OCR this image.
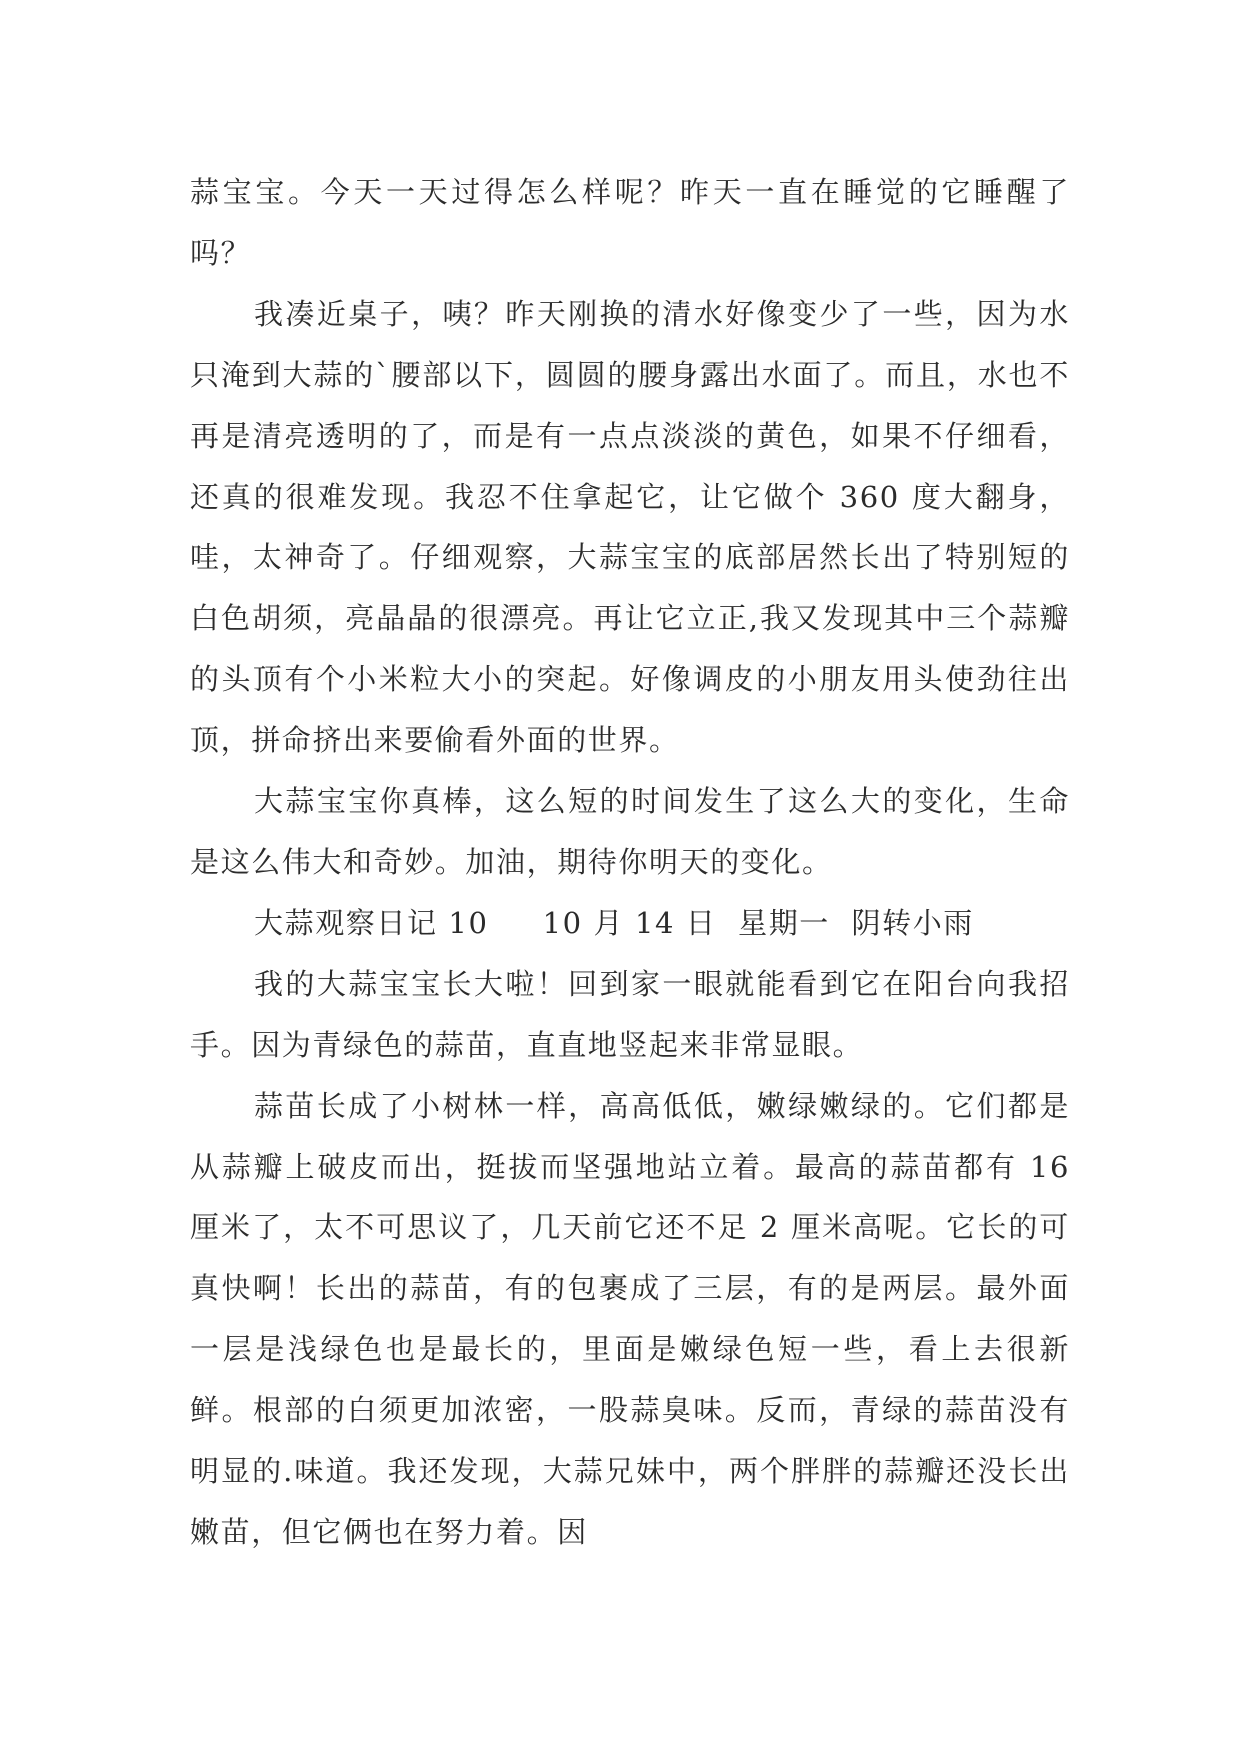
蒜宝宝。今天一天过得怎么样呢？昨天一直在睡觉的它睡醒了吗？

我凑近桌子，咦？昨天刚换的清水好像变少了一些，因为水只淹到大蒜的`腰部以下，圆圆的腰身露出水面了。而且，水也不再是清亮透明的了，而是有一点点淡淡的黄色，如果不仔细看，还真的很难发现。我忍不住拿起它，让它做个 360 度大翻身，哇，太神奇了。仔细观察，大蒜宝宝的底部居然长出了特别短的白色胡须，亮晶晶的很漂亮。再让它立正,我又发现其中三个蒜瓣的头顶有个小米粒大小的突起。好像调皮的小朋友用头使劲往出顶，拼命挤出来要偷看外面的世界。

大蒜宝宝你真棒，这么短的时间发生了这么大的变化，生命是这么伟大和奇妙。加油，期待你明天的变化。

大蒜观察日记 10     10 月 14 日  星期一  阴转小雨

我的大蒜宝宝长大啦！回到家一眼就能看到它在阳台向我招手。因为青绿色的蒜苗，直直地竖起来非常显眼。

蒜苗长成了小树林一样，高高低低，嫩绿嫩绿的。它们都是从蒜瓣上破皮而出，挺拔而坚强地站立着。最高的蒜苗都有 16 厘米了，太不可思议了，几天前它还不足 2 厘米高呢。它长的可真快啊！长出的蒜苗，有的包裹成了三层，有的是两层。最外面一层是浅绿色也是最长的，里面是嫩绿色短一些，看上去很新鲜。根部的白须更加浓密，一股蒜臭味。反而，青绿的蒜苗没有明显的.味道。我还发现，大蒜兄妹中，两个胖胖的蒜瓣还没长出嫩苗，但它俩也在努力着。因
